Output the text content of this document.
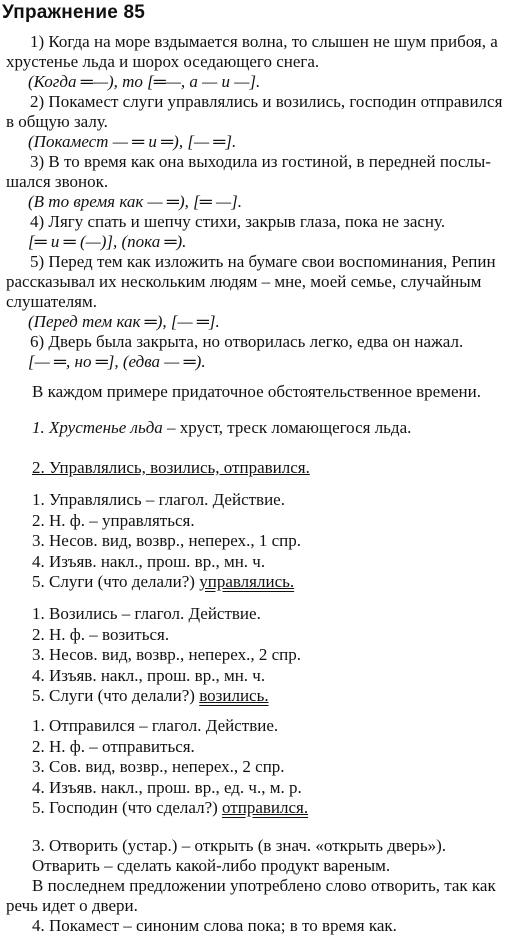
Упражнение 85
1) Когда на море вздымается волна, то слышен не шум прибоя, а
хрустенье льда и шорох оседающего снега.
(Когда ═—), то [═—, а — и —].
2) Покамест слуги управлялись и возились, господин отправился
в общую залу.
(Покамест — ═ и ═), [— ═].
3) В то время как она выходила из гостиной, в передней послы-
шался звонок.
(В то время как — ═), [═ —].
4) Лягу спать и шепчу стихи, закрыв глаза, пока не засну.
[═ и ═ (—)], (пока ═).
5) Перед тем как изложить на бумаге свои воспоминания, Репин
рассказывал их нескольким людям – мне, моей семье, случайным
слушателям.
(Перед тем как ═), [— ═].
6) Дверь была закрыта, но отворилась легко, едва он нажал.
[— ═, но ═], (едва — ═).
В каждом примере придаточное обстоятельственное времени.
1. Хрустенье льда – хруст, треск ломающегося льда.
2. Управлялись, возились, отправился.
1. Управлялись – глагол. Действие.
2. Н. ф. – управляться.
3. Несов. вид, возвр., неперех., 1 спр.
4. Изъяв. накл., прош. вр., мн. ч.
5. Слуги (что делали?) управлялись.
1. Возились – глагол. Действие.
2. Н. ф. – возиться.
3. Несов. вид, возвр., неперех., 2 спр.
4. Изъяв. накл., прош. вр., мн. ч.
5. Слуги (что делали?) возились.
1. Отправился – глагол. Действие.
2. Н. ф. – отправиться.
3. Сов. вид, возвр., неперех., 2 спр.
4. Изъяв. накл., прош. вр., ед. ч., м. р.
5. Господин (что сделал?) отправился.
3. Отворить (устар.) – открыть (в знач. «открыть дверь»).
Отварить – сделать какой-либо продукт вареным.
В последнем предложении употреблено слово отворить, так как
речь идет о двери.
4. Покамест – синоним слова пока; в то время как.
